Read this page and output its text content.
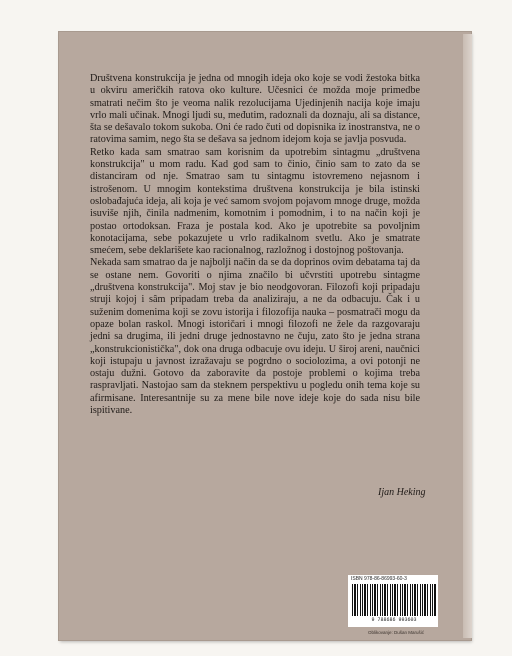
Društvena konstrukcija je jedna od mnogih ideja oko koje se vodi žestoka bitka u okviru američkih ratova oko kulture. Učesnici će možda moje primedbe smatrati nečim što je veoma nalik rezolucijama Ujedinjenih nacija koje imaju vrlo mali učinak. Mnogi ljudi su, međutim, radoznali da doznaju, ali sa distance, šta se dešavalo tokom sukoba. Oni će rado čuti od dopisnika iz inostranstva, ne o ratovima samim, nego šta se dešava sa jednom idejom koja se javlja posvuda.

Retko kada sam smatrao sam korisnim da upotrebim sintagmu „društvena konstrukcija" u mom radu. Kad god sam to činio, činio sam to zato da se distanciram od nje. Smatrao sam tu sintagmu istovremeno nejasnom i istrošenom. U mnogim kontekstima društvena konstrukcija je bila istinski oslobađajuća ideja, ali koja je već samom svojom pojavom mnoge druge, možda isuviše njih, činila nadmenim, komotnim i pomodnim, i to na način koji je postao ortodoksan. Fraza je postala kod. Ako je upotrebite sa povoljnim konotacijama, sebe pokazujete u vrlo radikalnom svetlu. Ako je smatrate smećem, sebe deklarišete kao racionalnog, razložnog i dostojnog poštovanja.

Nekada sam smatrao da je najbolji način da se da doprinos ovim debatama taj da se ostane nem. Govoriti o njima značilo bi učvrstiti upotrebu sintagme „društvena konstrukcija". Moj stav je bio neodgovoran. Filozofi koji pripadaju struji kojoj i sâm pripadam treba da analiziraju, a ne da odbacuju. Čak i u suženim domenima koji se zovu istorija i filozofija nauka – posmatrači mogu da opaze bolan raskol. Mnogi istoričari i mnogi filozofi ne žele da razgovaraju jedni sa drugima, ili jedni druge jednostavno ne čuju, zato što je jedna strana „konstrukcionistička", dok ona druga odbacuje ovu ideju. U široj areni, naučnici koji istupaju u javnost izražavaju se pogrdno o sociolozima, a ovi potonji ne ostaju dužni. Gotovo da zaboravite da postoje problemi o kojima treba raspravljati. Nastojao sam da steknem perspektivu u pogledu onih tema koje su afirmisane. Interesantnije su za mene bile nove ideje koje do sada nisu bile ispitivane.

Ijan Heking
ISBN 978-86-86993-60-3
9 788686 993603
Oblikovanje: Dušan Marušić
